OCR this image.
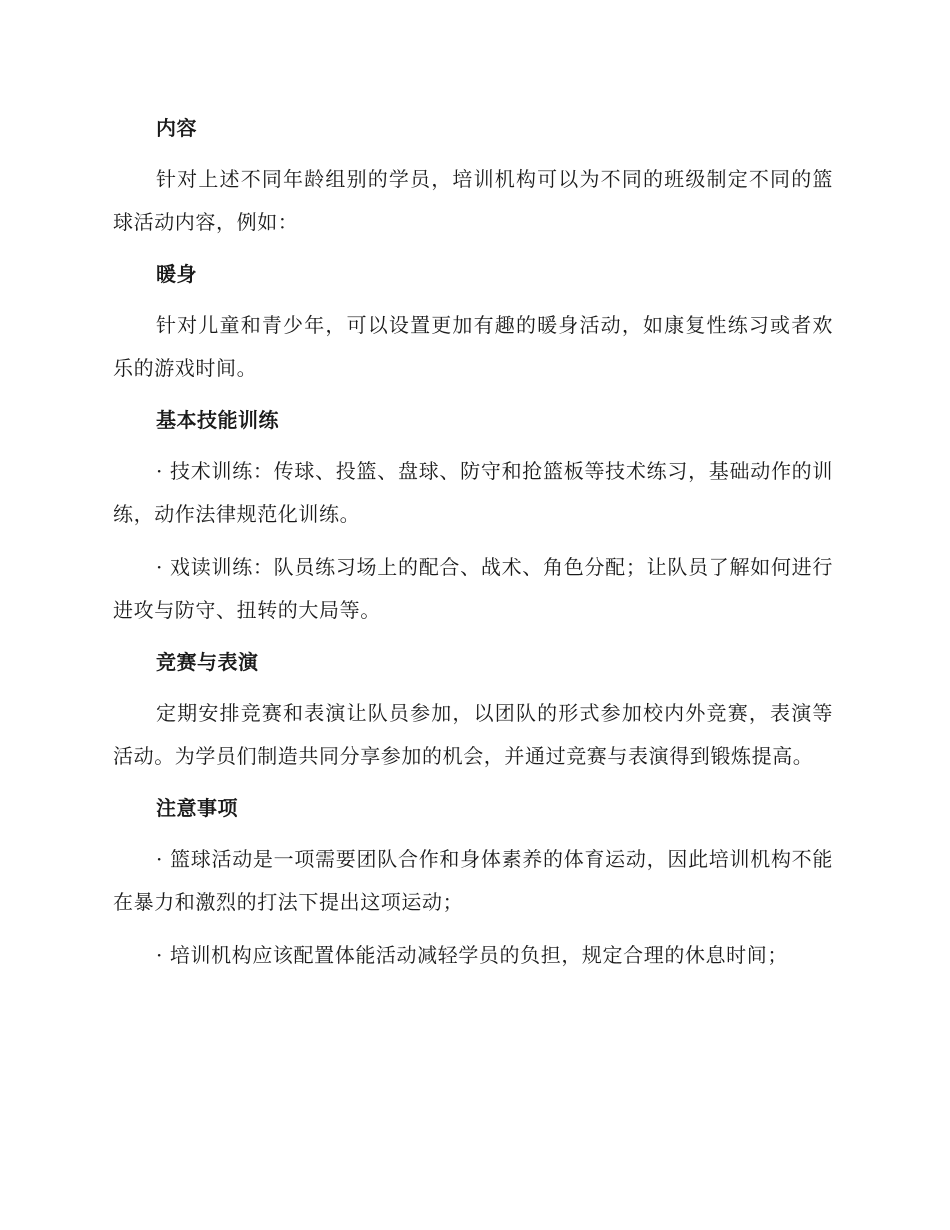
内容

针对上述不同年龄组别的学员，培训机构可以为不同的班级制定不同的篮球活动内容，例如：

暖身

针对儿童和青少年，可以设置更加有趣的暖身活动，如康复性练习或者欢乐的游戏时间。

基本技能训练

· 技术训练：传球、投篮、盘球、防守和抢篮板等技术练习，基础动作的训练，动作法律规范化训练。

· 戏读训练：队员练习场上的配合、战术、角色分配；让队员了解如何进行进攻与防守、扭转的大局等。

竞赛与表演

定期安排竞赛和表演让队员参加，以团队的形式参加校内外竞赛，表演等活动。为学员们制造共同分享参加的机会，并通过竞赛与表演得到锻炼提高。

注意事项

· 篮球活动是一项需要团队合作和身体素养的体育运动，因此培训机构不能在暴力和激烈的打法下提出这项运动；

· 培训机构应该配置体能活动减轻学员的负担，规定合理的休息时间；
